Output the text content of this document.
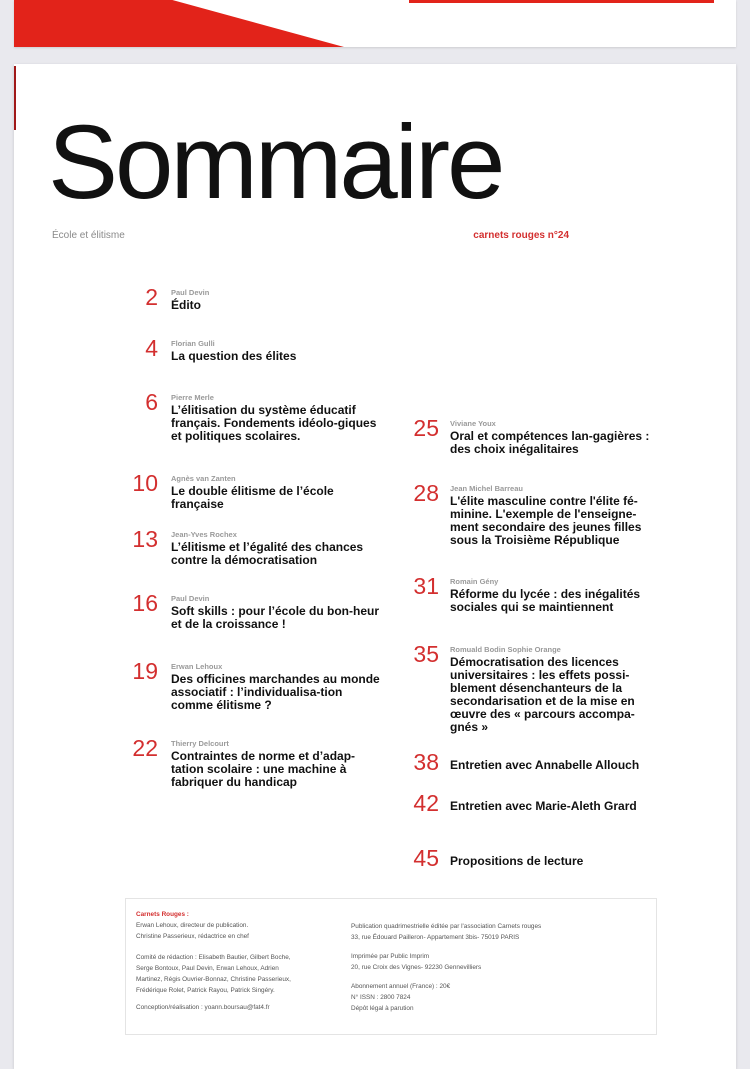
Sommaire
École et élitisme	carnets rouges n°24
2 Paul Devin
Édito
4 Florian Gulli
La question des élites
6 Pierre Merle
L’élitisation du système éducatif français. Fondements idéolo-giques et politiques scolaires.
10 Agnès van Zanten
Le double élitisme de l’école française
13 Jean-Yves Rochex
L’élitisme et l’égalité des chances contre la démocratisation
16 Paul Devin
Soft skills : pour l’école du bon-heur et de la croissance !
19 Erwan Lehoux
Des officines marchandes au monde associatif : l’individualisa-tion comme élitisme ?
22 Thierry Delcourt
Contraintes de norme et d’adap-tation scolaire : une machine à fabriquer du handicap
25 Viviane Youx
Oral et compétences lan-gagières : des choix inégalitaires
28 Jean Michel Barreau
L'élite masculine contre l'élite fé-minine. L'exemple de l'enseigne-ment secondaire des jeunes filles sous la Troisième République
31 Romain Gény
Réforme du lycée : des inégalités sociales qui se maintiennent
35 Romuald Bodin Sophie Orange
Démocratisation des licences universitaires : les effets possi-blement désenchanteurs de la secondarisation et de la mise en œuvre des « parcours accompa-gnés »
38 Entretien avec Annabelle Allouch
42 Entretien avec Marie-Aleth Grard
45 Propositions de lecture
Carnets Rouges :
Erwan Lehoux, directeur de publication.
Christine Passerieux, rédactrice en chef
Comité de rédaction : Elisabeth Bautier, Gilbert Boche,
Serge Bontoux, Paul Devin, Erwan Lehoux, Adrien
Martinez, Régis Ouvrier-Bonnaz, Christine Passerieux,
Frédérique Rolet, Patrick Rayou, Patrick Singéry.
Conception/réalisation : yoann.boursau@fat4.fr
Publication quadrimestrielle éditée par l'association Carnets rouges
33, rue Édouard Pailleron- Appartement 3bis- 75019 PARIS
Imprimée par Public Imprim
20, rue Croix des Vignes- 92230 Gennevilliers
Abonnement annuel (France) : 20€
N° ISSN : 2800 7824
Dépôt légal à parution
